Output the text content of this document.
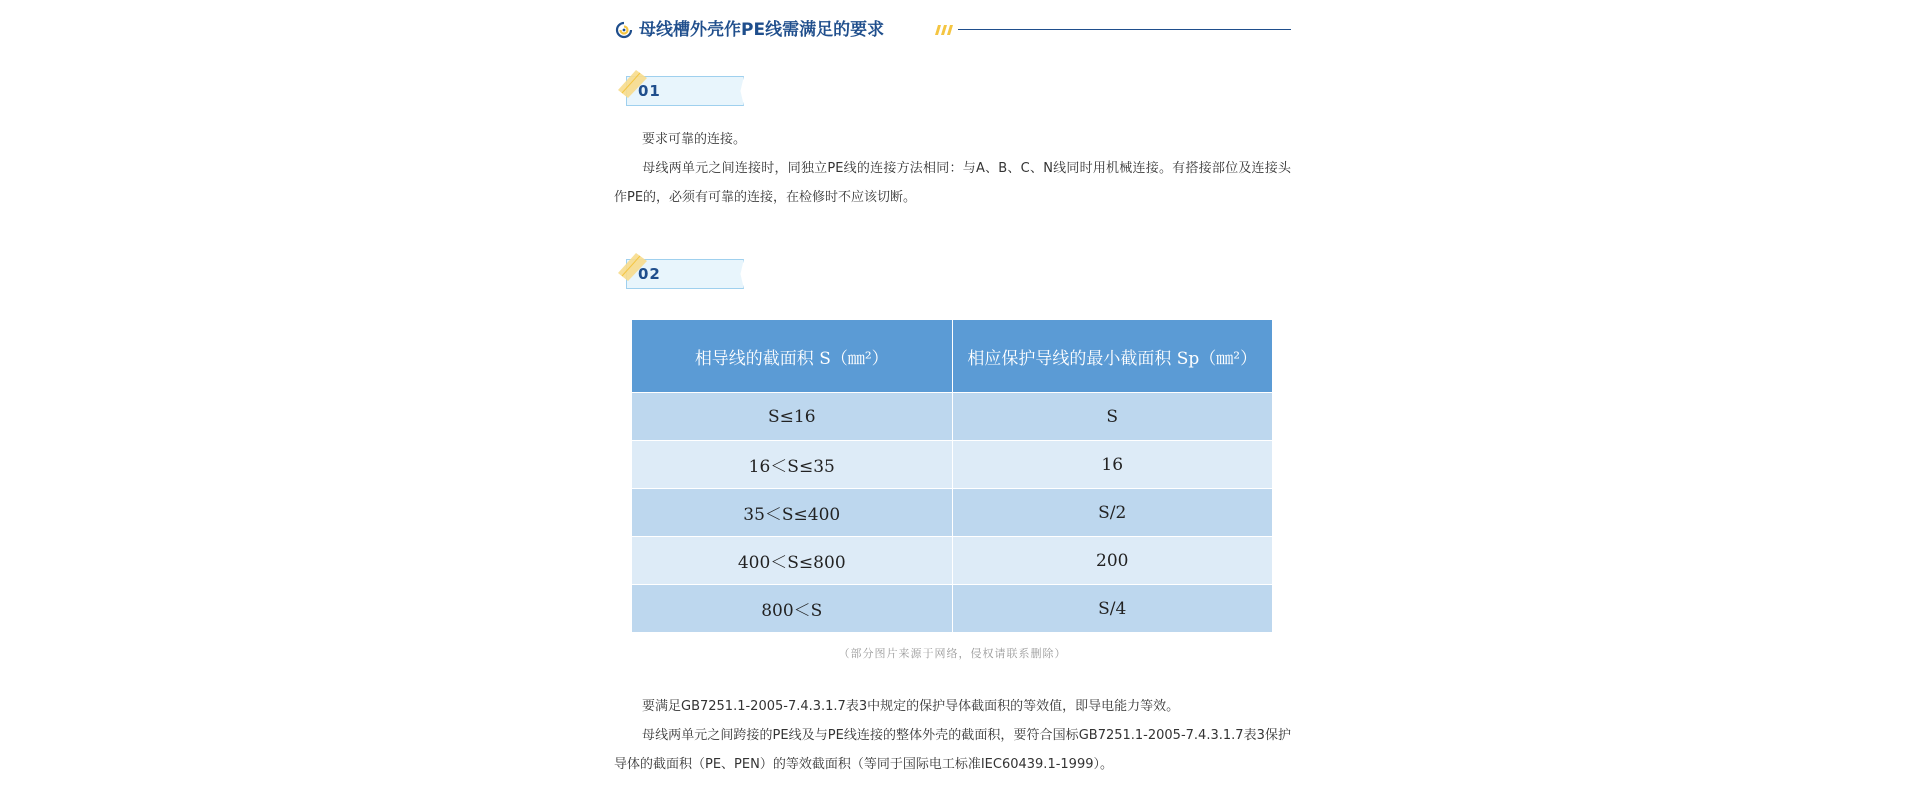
母线槽外壳作PE线需满足的要求
01

要求可靠的连接。

母线两单元之间连接时，同独立PE线的连接方法相同：与A、B、C、N线同时用机械连接。有搭接部位及连接头作PE的，必须有可靠的连接，在检修时不应该切断。

02
相导线的截面积 S（㎜²）	相应保护导线的最小截面积 Sp（㎜²）
S≤16	S
16＜S≤35	16
35＜S≤400	S/2
400＜S≤800	200
800＜S	S/4
（部分图片来源于网络，侵权请联系删除）

要满足GB7251.1-2005-7.4.3.1.7表3中规定的保护导体截面积的等效值，即导电能力等效。

母线两单元之间跨接的PE线及与PE线连接的整体外壳的截面积，要符合国标GB7251.1-2005-7.4.3.1.7表3保护导体的截面积（PE、PEN）的等效截面积（等同于国际电工标准IEC60439.1-1999）。
